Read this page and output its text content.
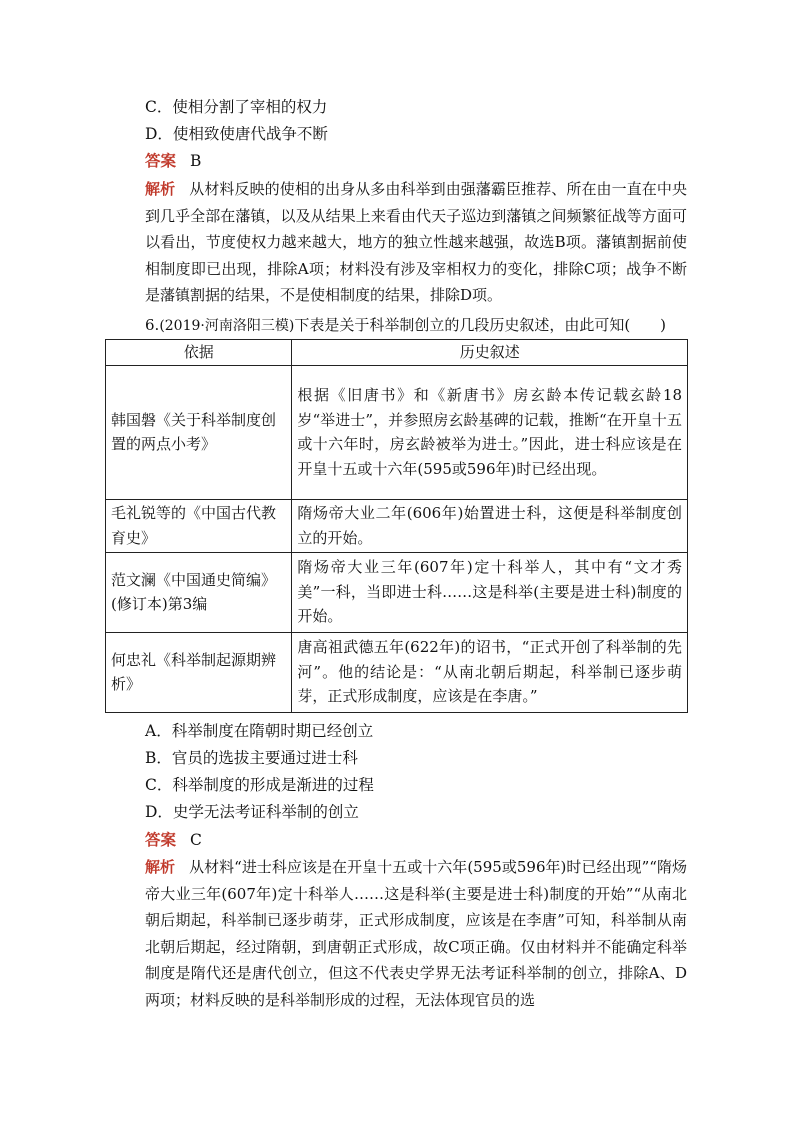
C．使相分割了宰相的权力
D．使相致使唐代战争不断
答案 B
解析 从材料反映的使相的出身从多由科举到由强藩霸臣推荐、所在由一直在中央到几乎全部在藩镇，以及从结果上来看由代天子巡边到藩镇之间频繁征战等方面可以看出，节度使权力越来越大，地方的独立性越来越强，故选B项。藩镇割据前使相制度即已出现，排除A项；材料没有涉及宰相权力的变化，排除C项；战争不断是藩镇割据的结果，不是使相制度的结果，排除D项。
6.(2019·河南洛阳三模)下表是关于科举制创立的几段历史叙述，由此可知(　　)
依据	历史叙述
韩国磐《关于科举制度创置的两点小考》	根据《旧唐书》和《新唐书》房玄龄本传记载玄龄18岁“举进士”，并参照房玄龄基碑的记载，推断“在开皇十五或十六年时，房玄龄被举为进士。”因此，进士科应该是在开皇十五或十六年(595或596年)时已经出现。
毛礼锐等的《中国古代教育史》	隋炀帝大业二年(606年)始置进士科，这便是科举制度创立的开始。
范文澜《中国通史简编》(修订本)第3编	隋炀帝大业三年(607年)定十科举人，其中有“文才秀美”一科，当即进士科……这是科举(主要是进士科)制度的开始。
何忠礼《科举制起源期辨析》	唐高祖武德五年(622年)的诏书，“正式开创了科举制的先河”。他的结论是：“从南北朝后期起，科举制已逐步萌芽，正式形成制度，应该是在李唐。”
A．科举制度在隋朝时期已经创立
B．官员的选拔主要通过进士科
C．科举制度的形成是渐进的过程
D．史学无法考证科举制的创立
答案 C
解析 从材料“进士科应该是在开皇十五或十六年(595或596年)时已经出现”“隋炀帝大业三年(607年)定十科举人……这是科举(主要是进士科)制度的开始”“从南北朝后期起，科举制已逐步萌芽，正式形成制度，应该是在李唐”可知，科举制从南北朝后期起，经过隋朝，到唐朝正式形成，故C项正确。仅由材料并不能确定科举制度是隋代还是唐代创立，但这不代表史学界无法考证科举制的创立，排除A、D两项；材料反映的是科举制形成的过程，无法体现官员的选
